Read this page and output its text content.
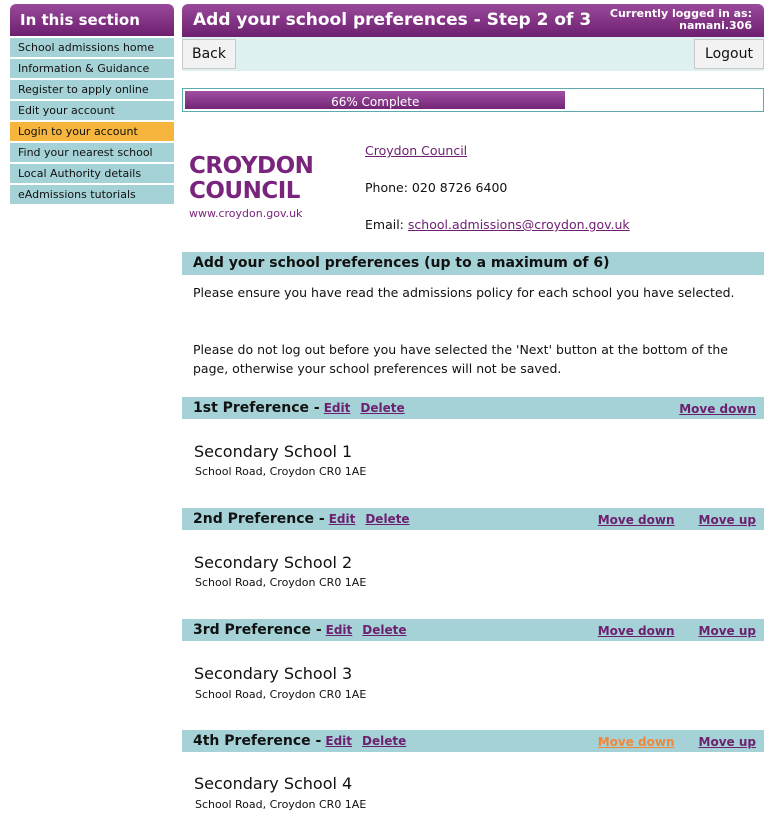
In this section
School admissions home
Information & Guidance
Register to apply online
Edit your account
Login to your account
Find your nearest school
Local Authority details
eAdmissions tutorials
Add your school preferences - Step 2 of 3 Currently logged in as:
namani.306
Back	Logout
66% Complete
CROYDON
COUNCIL
www.croydon.gov.uk
Croydon Council
Phone: 020 8726 6400
Email: school.admissions@croydon.gov.uk
Add your school preferences (up to a maximum of 6)
Please ensure you have read the admissions policy for each school you have selected.
Please do not log out before you have selected the 'Next' button at the bottom of the page, otherwise your school preferences will not be saved.
1st Preference - Edit Delete	Move down
Secondary School 1
School Road, Croydon CR0 1AE
2nd Preference - Edit Delete	Move down Move up
Secondary School 2
School Road, Croydon CR0 1AE
3rd Preference - Edit Delete	Move down Move up
Secondary School 3
School Road, Croydon CR0 1AE
4th Preference - Edit Delete	Move down Move up
Secondary School 4
School Road, Croydon CR0 1AE
